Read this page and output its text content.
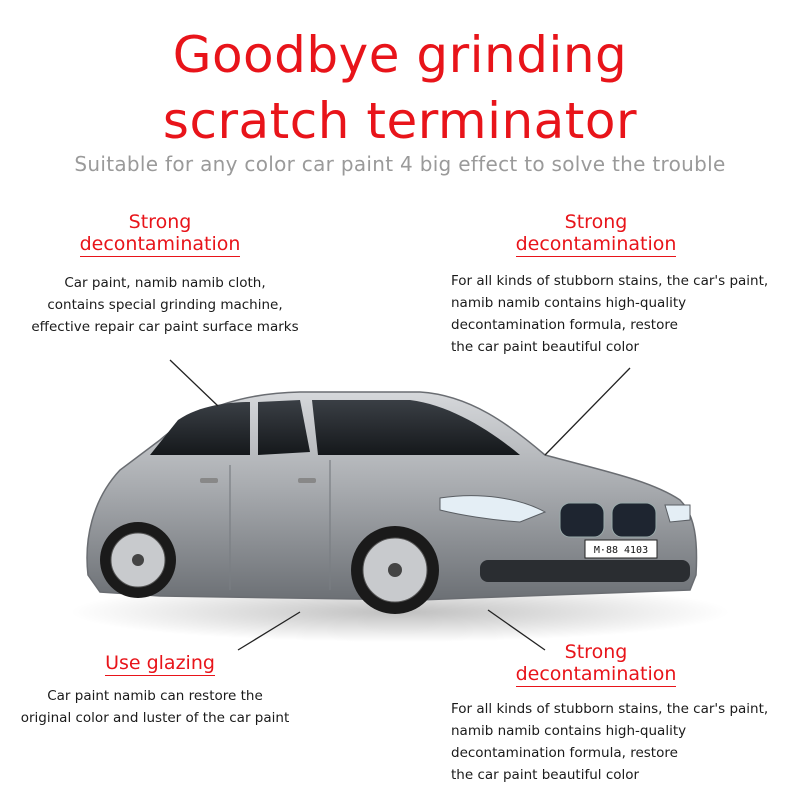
Goodbye grinding
scratch terminator
Suitable for any color car paint 4 big effect to solve the trouble
Strong
decontamination
Car paint, namib namib cloth,
contains special grinding machine,
effective repair car paint surface marks
Strong
decontamination
For all kinds of stubborn stains, the car's paint,
namib namib contains high-quality
decontamination formula, restore
the car paint beautiful color
Use glazing
Car paint namib can restore the
original color and luster of the car paint
Strong
decontamination
For all kinds of stubborn stains, the car's paint,
namib namib contains high-quality
decontamination formula, restore
the car paint beautiful color
M·88 4103
